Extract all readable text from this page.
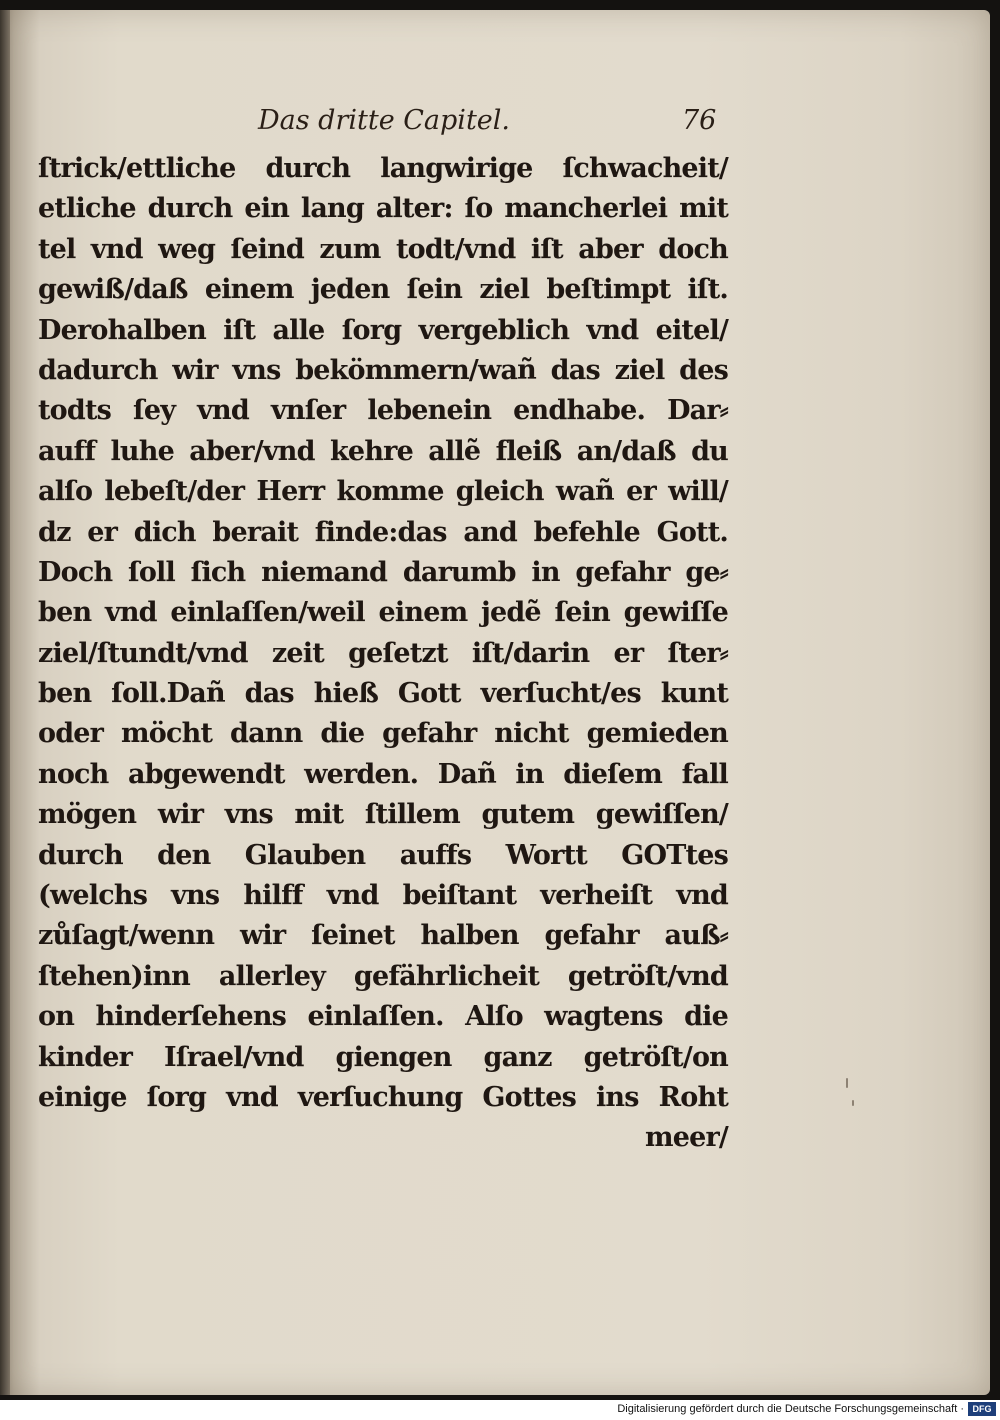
Das dritte Capitel.	76
ſtrick/ettliche durch langwirige ſchwacheit/
etliche durch ein lang alter: ſo mancherlei mit
tel vnd weg ſeind zum todt/vnd iſt aber doch
gewiß/daß einem jeden ſein ziel beſtimpt iſt.
Derohalben iſt alle ſorg vergeblich vnd eitel/
dadurch wir vns bekömmern/wañ das ziel des
todts ſey vnd vnſer lebenein endhabe. Dar⸗
auff luhe aber/vnd kehre allẽ fleiß an/daß du
alſo lebeſt/der Herr komme gleich wañ er will/
dz er dich berait finde:das and befehle Gott.
Doch ſoll ſich niemand darumb in gefahr ge⸗
ben vnd einlaſſen/weil einem jedẽ ſein gewiſſe
ziel/ſtundt/vnd zeit geſetzt iſt/darin er ſter⸗
ben ſoll.Dañ das hieß Gott verſucht/es kunt
oder möcht dann die gefahr nicht gemieden
noch abgewendt werden. Dañ in dieſem fall
mögen wir vns mit ſtillem gutem gewiſſen/
durch den Glauben auffs Wortt GOTtes
(welchs vns hilff vnd beiſtant verheiſt vnd
zůſagt/wenn wir ſeinet halben gefahr auß⸗
ſtehen)inn allerley gefährlicheit getröſt/vnd
on hinderſehens einlaſſen. Alſo wagtens die
kinder Iſrael/vnd giengen ganz getröſt/on
einige ſorg vnd verſuchung Gottes ins Roht
meer/
Digitalisierung gefördert durch die Deutsche Forschungsgemeinschaft · DFG
